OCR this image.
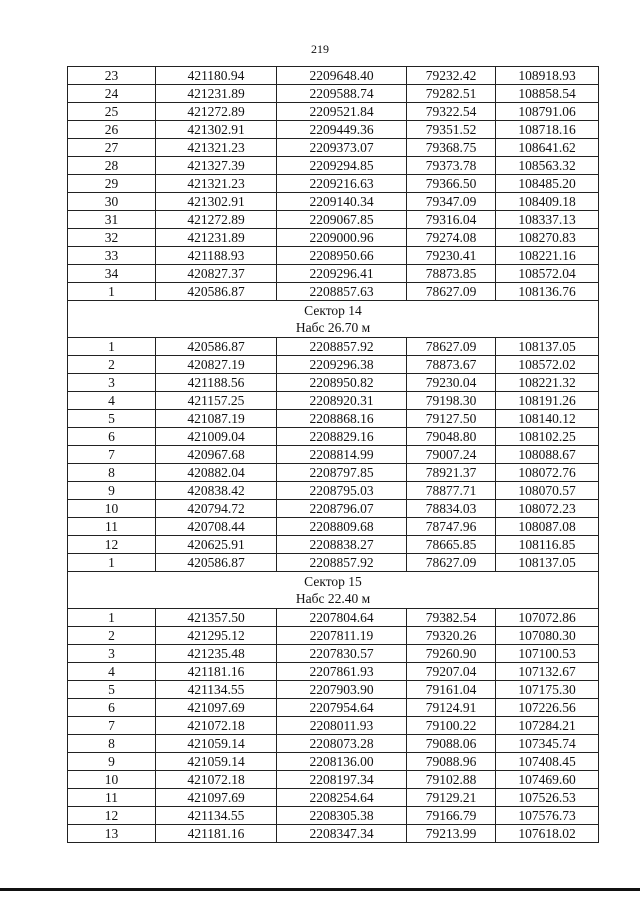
219
23	421180.94	2209648.40	79232.42	108918.93
24	421231.89	2209588.74	79282.51	108858.54
25	421272.89	2209521.84	79322.54	108791.06
26	421302.91	2209449.36	79351.52	108718.16
27	421321.23	2209373.07	79368.75	108641.62
28	421327.39	2209294.85	79373.78	108563.32
29	421321.23	2209216.63	79366.50	108485.20
30	421302.91	2209140.34	79347.09	108409.18
31	421272.89	2209067.85	79316.04	108337.13
32	421231.89	2209000.96	79274.08	108270.83
33	421188.93	2208950.66	79230.41	108221.16
34	420827.37	2209296.41	78873.85	108572.04
1	420586.87	2208857.63	78627.09	108136.76

Сектор 14
Набс 26.70 м				

1	420586.87	2208857.92	78627.09	108137.05
2	420827.19	2209296.38	78873.67	108572.02
3	421188.56	2208950.82	79230.04	108221.32
4	421157.25	2208920.31	79198.30	108191.26
5	421087.19	2208868.16	79127.50	108140.12
6	421009.04	2208829.16	79048.80	108102.25
7	420967.68	2208814.99	79007.24	108088.67
8	420882.04	2208797.85	78921.37	108072.76
9	420838.42	2208795.03	78877.71	108070.57
10	420794.72	2208796.07	78834.03	108072.23
11	420708.44	2208809.68	78747.96	108087.08
12	420625.91	2208838.27	78665.85	108116.85
1	420586.87	2208857.92	78627.09	108137.05

Сектор 15
Набс 22.40 м				

1	421357.50	2207804.64	79382.54	107072.86
2	421295.12	2207811.19	79320.26	107080.30
3	421235.48	2207830.57	79260.90	107100.53
4	421181.16	2207861.93	79207.04	107132.67
5	421134.55	2207903.90	79161.04	107175.30
6	421097.69	2207954.64	79124.91	107226.56
7	421072.18	2208011.93	79100.22	107284.21
8	421059.14	2208073.28	79088.06	107345.74
9	421059.14	2208136.00	79088.96	107408.45
10	421072.18	2208197.34	79102.88	107469.60
11	421097.69	2208254.64	79129.21	107526.53
12	421134.55	2208305.38	79166.79	107576.73
13	421181.16	2208347.34	79213.99	107618.02
